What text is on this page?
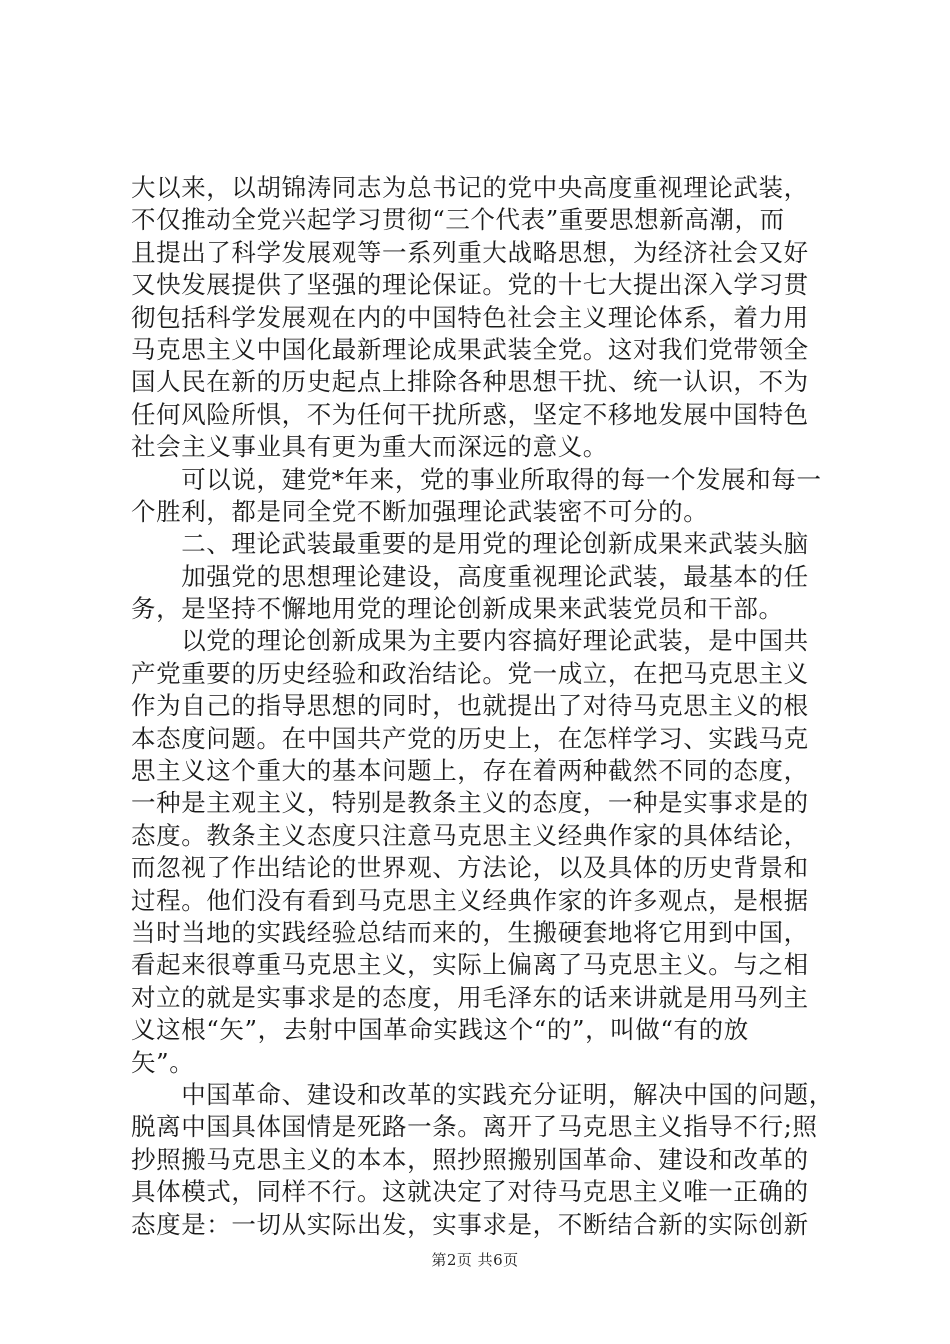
大以来，以胡锦涛同志为总书记的党中央高度重视理论武装，
不仅推动全党兴起学习贯彻“三个代表”重要思想新高潮，而
且提出了科学发展观等一系列重大战略思想，为经济社会又好
又快发展提供了坚强的理论保证。党的十七大提出深入学习贯
彻包括科学发展观在内的中国特色社会主义理论体系，着力用
马克思主义中国化最新理论成果武装全党。这对我们党带领全
国人民在新的历史起点上排除各种思想干扰、统一认识，不为
任何风险所惧，不为任何干扰所惑，坚定不移地发展中国特色
社会主义事业具有更为重大而深远的意义。
　　可以说，建党*年来，党的事业所取得的每一个发展和每一
个胜利，都是同全党不断加强理论武装密不可分的。
　　二、理论武装最重要的是用党的理论创新成果来武装头脑
　　加强党的思想理论建设，高度重视理论武装，最基本的任
务，是坚持不懈地用党的理论创新成果来武装党员和干部。
　　以党的理论创新成果为主要内容搞好理论武装，是中国共
产党重要的历史经验和政治结论。党一成立，在把马克思主义
作为自己的指导思想的同时，也就提出了对待马克思主义的根
本态度问题。在中国共产党的历史上，在怎样学习、实践马克
思主义这个重大的基本问题上，存在着两种截然不同的态度，
一种是主观主义，特别是教条主义的态度，一种是实事求是的
态度。教条主义态度只注意马克思主义经典作家的具体结论，
而忽视了作出结论的世界观、方法论，以及具体的历史背景和
过程。他们没有看到马克思主义经典作家的许多观点，是根据
当时当地的实践经验总结而来的，生搬硬套地将它用到中国，
看起来很尊重马克思主义，实际上偏离了马克思主义。与之相
对立的就是实事求是的态度，用毛泽东的话来讲就是用马列主
义这根“矢”，去射中国革命实践这个“的”，叫做“有的放
矢”。
　　中国革命、建设和改革的实践充分证明，解决中国的问题，
脱离中国具体国情是死路一条。离开了马克思主义指导不行;照
抄照搬马克思主义的本本，照抄照搬别国革命、建设和改革的
具体模式，同样不行。这就决定了对待马克思主义唯一正确的
态度是：一切从实际出发，实事求是，不断结合新的实际创新
第2页 共6页
